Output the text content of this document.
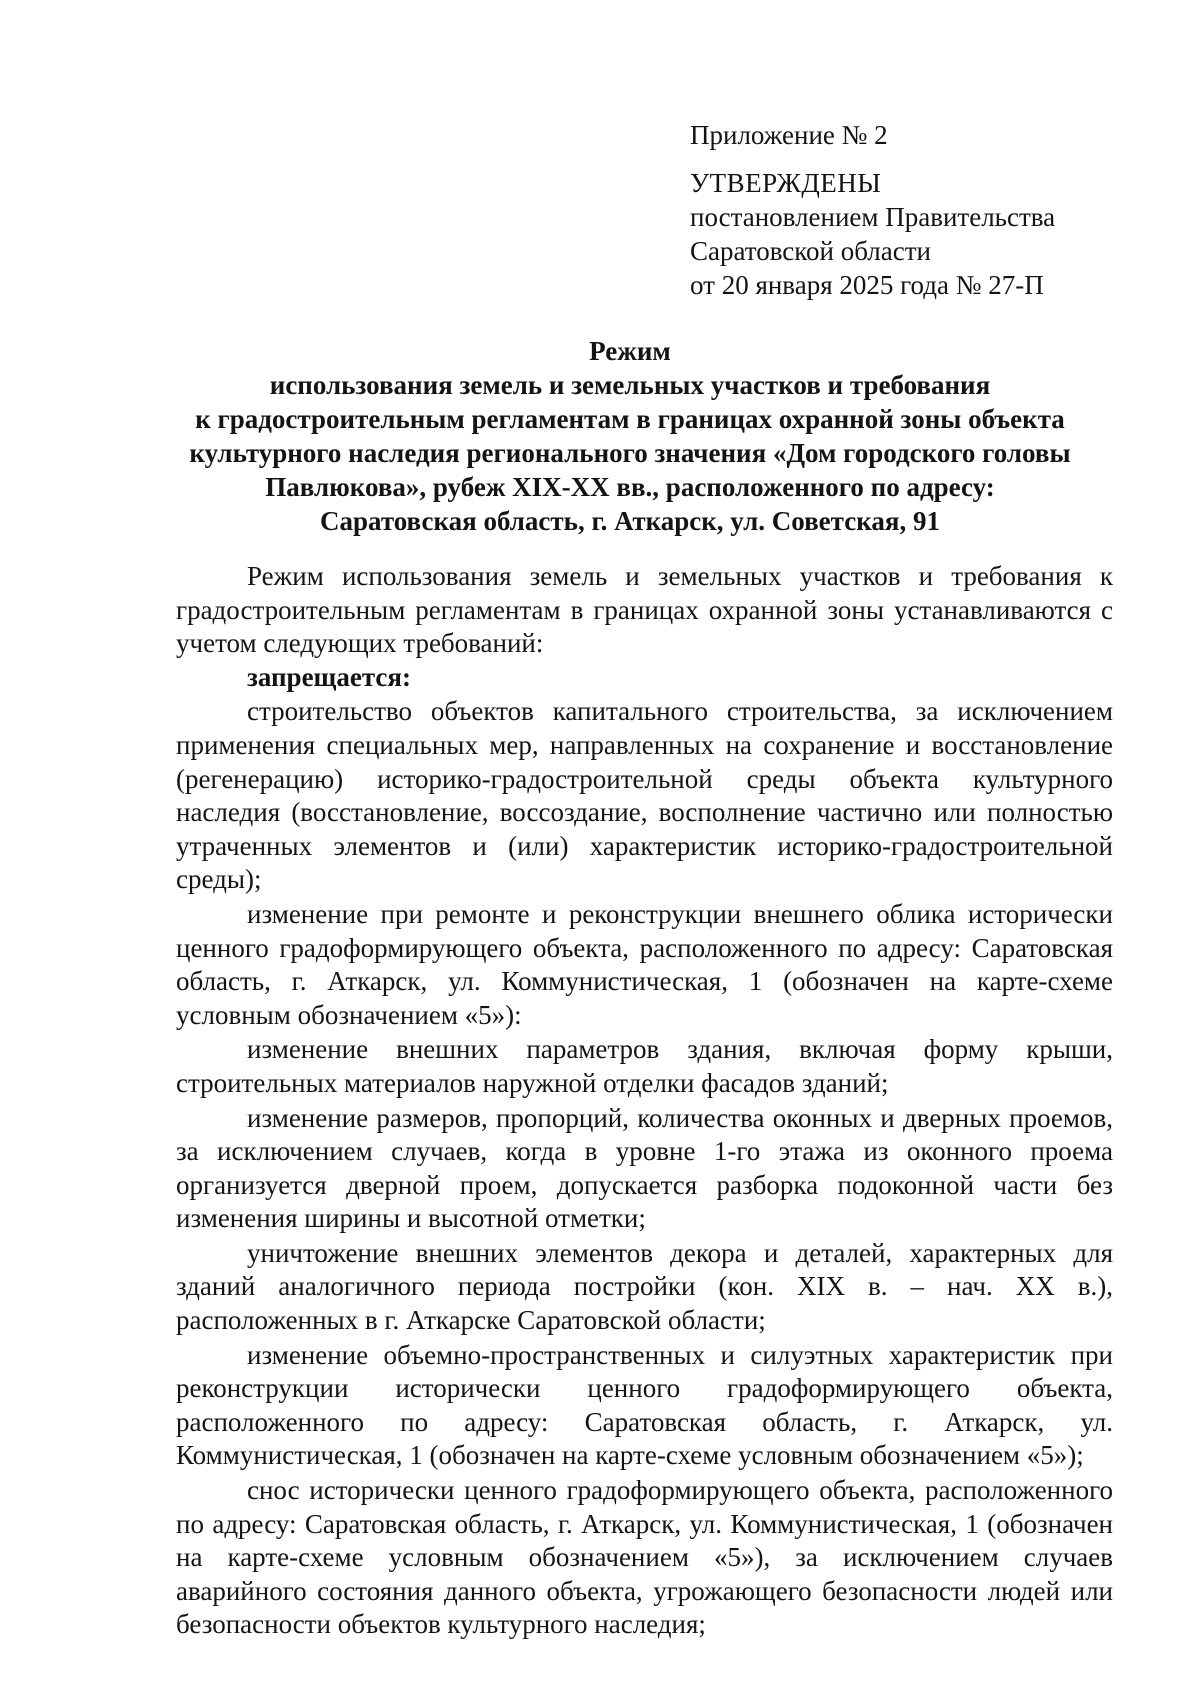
Приложение № 2
УТВЕРЖДЕНЫ
постановлением Правительства
Саратовской области
от 20 января 2025 года № 27-П
Режим
использования земель и земельных участков и требования
к градостроительным регламентам в границах охранной зоны объекта
культурного наследия регионального значения «Дом городского головы
Павлюкова», рубеж XIX-XX вв., расположенного по адресу:
Саратовская область, г. Аткарск, ул. Советская, 91

Режим использования земель и земельных участков и требования к градостроительным регламентам в границах охранной зоны устанавливаются с учетом следующих требований:

запрещается:

строительство объектов капитального строительства, за исключением применения специальных мер, направленных на сохранение и восстановление (регенерацию) историко-градостроительной среды объекта культурного наследия (восстановление, воссоздание, восполнение частично или полностью утраченных элементов и (или) характеристик историко-градостроительной среды);

изменение при ремонте и реконструкции внешнего облика исторически ценного градоформирующего объекта, расположенного по адресу: Саратовская область, г. Аткарск, ул. Коммунистическая, 1 (обозначен на карте-схеме условным обозначением «5»):

изменение внешних параметров здания, включая форму крыши, строительных материалов наружной отделки фасадов зданий;

изменение размеров, пропорций, количества оконных и дверных проемов, за исключением случаев, когда в уровне 1-го этажа из оконного проема организуется дверной проем, допускается разборка подоконной части без изменения ширины и высотной отметки;

уничтожение внешних элементов декора и деталей, характерных для зданий аналогичного периода постройки (кон. XIX в. – нач. XX в.), расположенных в г. Аткарске Саратовской области;

изменение объемно-пространственных и силуэтных характеристик при реконструкции исторически ценного градоформирующего объекта, расположенного по адресу: Саратовская область, г. Аткарск, ул. Коммунистическая, 1 (обозначен на карте-схеме условным обозначением «5»);

снос исторически ценного градоформирующего объекта, расположенного по адресу: Саратовская область, г. Аткарск, ул. Коммунистическая, 1 (обозначен на карте-схеме условным обозначением «5»), за исключением случаев аварийного состояния данного объекта, угрожающего безопасности людей или безопасности объектов культурного наследия;
